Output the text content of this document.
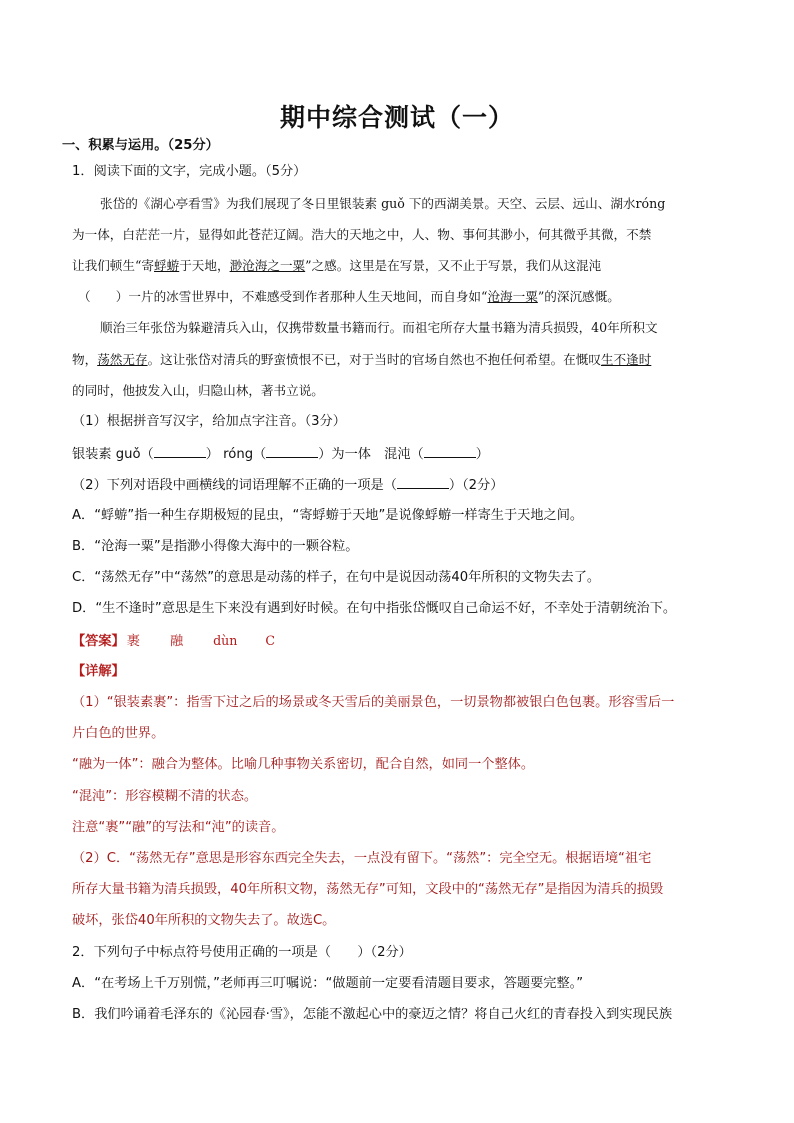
期中综合测试（一）
一、积累与运用。（25分）
1．阅读下面的文字，完成小题。（5分）
张岱的《湖心亭看雪》为我们展现了冬日里银装素 guǒ 下的西湖美景。天空、云层、远山、湖水róng
为一体，白茫茫一片，显得如此苍茫辽阔。浩大的天地之中，人、物、事何其渺小，何其微乎其微，不禁
让我们顿生“寄蜉蝣于天地，渺沧海之一粟”之感。这里是在写景，又不止于写景，我们从这混沌
（　　）一片的冰雪世界中，不难感受到作者那种人生天地间，而自身如“沧海一粟”的深沉感慨。
顺治三年张岱为躲避清兵入山，仅携带数量书籍而行。而祖宅所存大量书籍为清兵损毁，40年所积文
物，荡然无存。这让张岱对清兵的野蛮愤恨不已，对于当时的官场自然也不抱任何希望。在慨叹生不逢时
的同时，他披发入山，归隐山林，著书立说。
（1）根据拼音写汉字，给加点字注音。（3分）
银装素 guǒ（	） róng（	）为一体　混沌（	）
（2）下列对语段中画横线的词语理解不正确的一项是（	）（2分）
A．“蜉蝣”指一种生存期极短的昆虫，“寄蜉蝣于天地”是说像蜉蝣一样寄生于天地之间。
B．“沧海一粟”是指渺小得像大海中的一颗谷粒。
C．“荡然无存”中“荡然”的意思是动荡的样子，在句中是说因动荡40年所积的文物失去了。
D．“生不逢时”意思是生下来没有遇到好时候。在句中指张岱慨叹自己命运不好，不幸处于清朝统治下。
【答案】 裹 融 dùn C
【详解】
（1）“银装素裹”：指雪下过之后的场景或冬天雪后的美丽景色，一切景物都被银白色包裹。形容雪后一
片白色的世界。
“融为一体”：融合为整体。比喻几种事物关系密切，配合自然，如同一个整体。
“混沌”：形容模糊不清的状态。
注意“裹”“融”的写法和“沌”的读音。
（2）C．“荡然无存”意思是形容东西完全失去，一点没有留下。“荡然”：完全空无。根据语境“祖宅
所存大量书籍为清兵损毁，40年所积文物，荡然无存”可知，文段中的“荡然无存”是指因为清兵的损毁
破坏，张岱40年所积的文物失去了。故选C。
2．下列句子中标点符号使用正确的一项是（　　）（2分）
A．“在考场上千万别慌，”老师再三叮嘱说：“做题前一定要看清题目要求，答题要完整。”
B．我们吟诵着毛泽东的《沁园春·雪》，怎能不激起心中的豪迈之情？将自己火红的青春投入到实现民族
